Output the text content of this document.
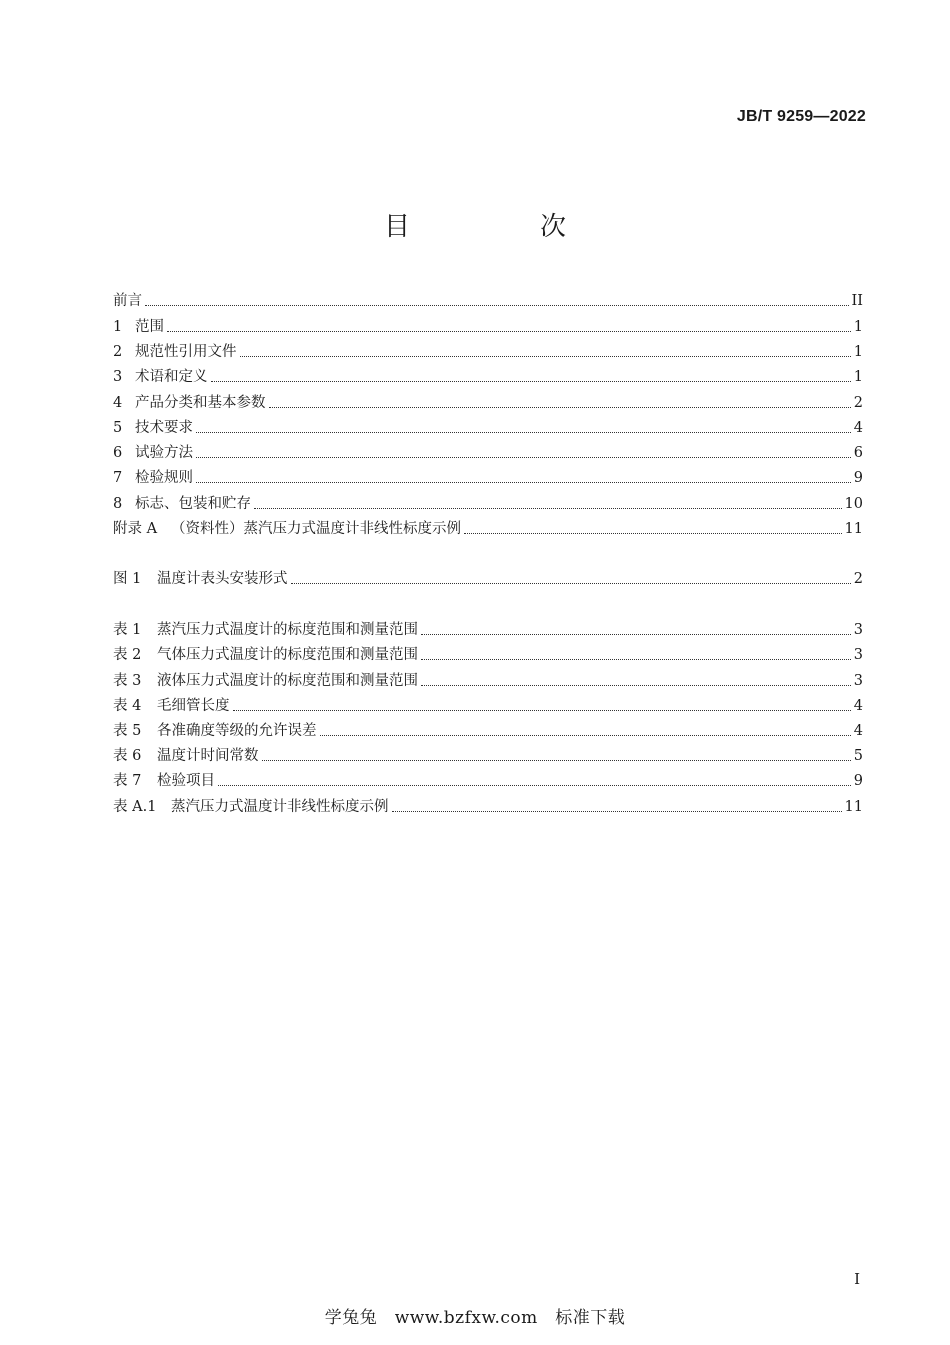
JB/T 9259—2022
目　次
前言	II
1 范围	1
2 规范性引用文件	1
3 术语和定义	1
4 产品分类和基本参数	2
5 技术要求	4
6 试验方法	6
7 检验规则	9
8 标志、包装和贮存	10
附录 A （资料性）蒸汽压力式温度计非线性标度示例	11
图 1	温度计表头安装形式	2
表 1	蒸汽压力式温度计的标度范围和测量范围	3
表 2	气体压力式温度计的标度范围和测量范围	3
表 3	液体压力式温度计的标度范围和测量范围	3
表 4	毛细管长度	4
表 5	各准确度等级的允许误差	4
表 6	温度计时间常数	5
表 7	检验项目	9
表 A.1	蒸汽压力式温度计非线性标度示例	11
I
学兔兔　www.bzfxw.com　标准下载
